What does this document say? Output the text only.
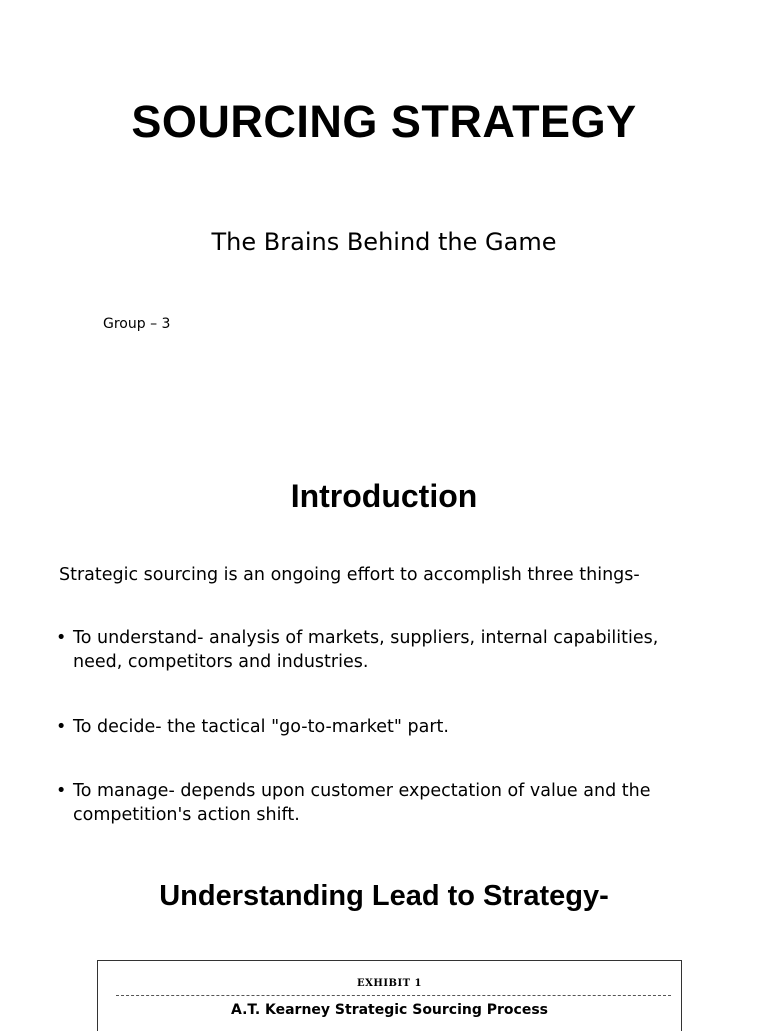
SOURCING STRATEGY

The Brains Behind the Game

Group – 3
Introduction
Strategic sourcing is an ongoing effort to accomplish three things-
• To understand- analysis of markets, suppliers, internal capabilities, need, competitors and industries.
• To decide- the tactical "go-to-market" part.
• To manage- depends upon customer expectation of value and the competition's action shift.
Understanding Lead to Strategy-
EXHIBIT 1
A.T. Kearney Strategic Sourcing Process
